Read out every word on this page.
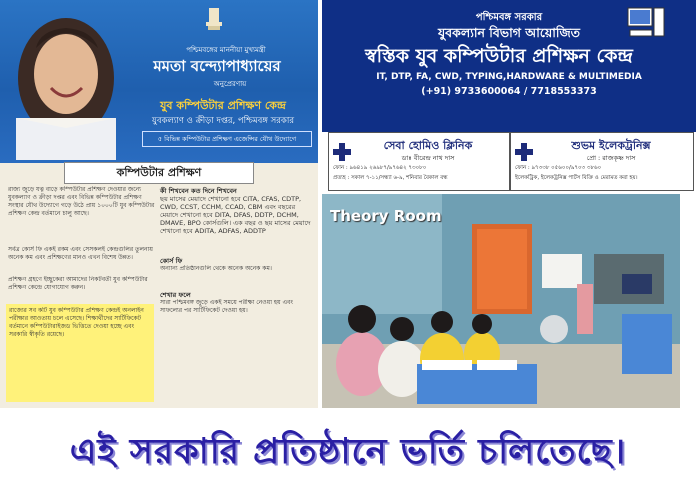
পশ্চিমবঙ্গের মাননীয়া মুখ্যমন্ত্রী
মমতা বন্দ্যোপাধ্যায়ের
অনুপ্রেরণায়
যুব কম্পিউটার প্রশিক্ষণ কেন্দ্র
যুবকল্যাণ ও ক্রীড়া দপ্তর, পশ্চিমবঙ্গ সরকার
৫ বিভিন্ন কম্পিউটার প্রশিক্ষণ এজেন্সির যৌথ উদ্যোগে
কম্পিউটার প্রশিক্ষণ
রাজ্য জুড়ে যত্ন বাড়ে কম্পিউটার প্রশিক্ষণ দেওয়ার জন্যে যুবকল্যাণ ও ক্রীড়া দপ্তর এবং বিভিন্ন কম্পিউটার প্রশিক্ষণ সংস্থার যৌথ উদ্যোগে গড়ে উঠে প্রায় ১০০০টি যুব কম্পিউটার প্রশিক্ষণ কেন্দ্র বর্তমানে চালু আছে।
সর্বত্র কোর্স ফি একই রকম এবং সেসকলই কেন্দ্রগুলির তুলনায় অনেক কম এবং প্রশিক্ষণের মানও এখন বিশেষ উন্নত।
প্রশিক্ষণ গ্রহণে ইচ্ছুকেরা আমাদের নিকটবর্তী যুব কম্পিউটার প্রশিক্ষণ কেন্দ্রে যোগাযোগ করুন।
রাজ্যের সব কটি যুব কম্পিউটার প্রশিক্ষণ কেন্দ্রই অনলাইন পরীক্ষার আওতায় চলে এসেছে। শিক্ষার্থীদের সার্টিফিকেট বর্তমানে কম্পিউটারাইজড ভিত্তিতে দেওয়া হচ্ছে এবং সরকারি স্বীকৃতি রয়েছে।
কী শিখবেন কত দিনে শিখবেন
ছয় মাসের মেয়াদে শেখানো হবে CITA, CFAS, CDTP, CWD, CCST, CCHM, CCAD, CBM এবং বছরের মেয়াদে শেখানো হবে DITA, DFAS, DDTP, DCHM, DMAVE, BPO কোর্সগুলি। এক বছর ও ছয় মাসের মেয়াদে শেখানো হবে ADITA, ADFAS, ADDTP
কোর্স ফি
অন্যান্য প্রতিষ্ঠানগুলি থেকে অনেক অনেক কম।
শেখার ফলে
সারা পশ্চিমবঙ্গ জুড়ে একই সময়ে পরীক্ষা নেওয়া হয় এবং সাফল্যের পর সার্টিফিকেট দেওয়া হয়।
পশ্চিমবঙ্গ সরকার
যুবকল্যান বিভাগ আয়োজিত
স্বস্তিক যুব কম্পিউটার প্রশিক্ষন কেন্দ্র
IT, DTP, FA, CWD, TYPING,HARDWARE & MULTIMEDIA
(+91) 9733600064 / 7718553373
সেবা হোমিও ক্লিনিক
ডাঃ বীরেন্দ্র নাথ দাস
ফোন : ৯৬৪১৯ ২৬৯৮৭/৯৭৬৪২ ৭৩০৮০
প্রত্যহ : সকাল ৭-১১/সন্ধ্যা ৬-৯, শনিবার বৈকাল বন্ধ
শুভম ইলেকট্রনিক্স
প্রো : রাজকৃষ্ণ দাস
ফোন : ৯৭৩৩৮ ০৫৬০০/৯৭০৩ ৩৮৬০
ইলেকট্রিক, ইলেকট্রনিক্স পার্টস বিক্রি ও মেরামত করা হয়।
Theory Room
এই সরকারি প্রতিষ্ঠানে ভর্তি চলিতেছে।
